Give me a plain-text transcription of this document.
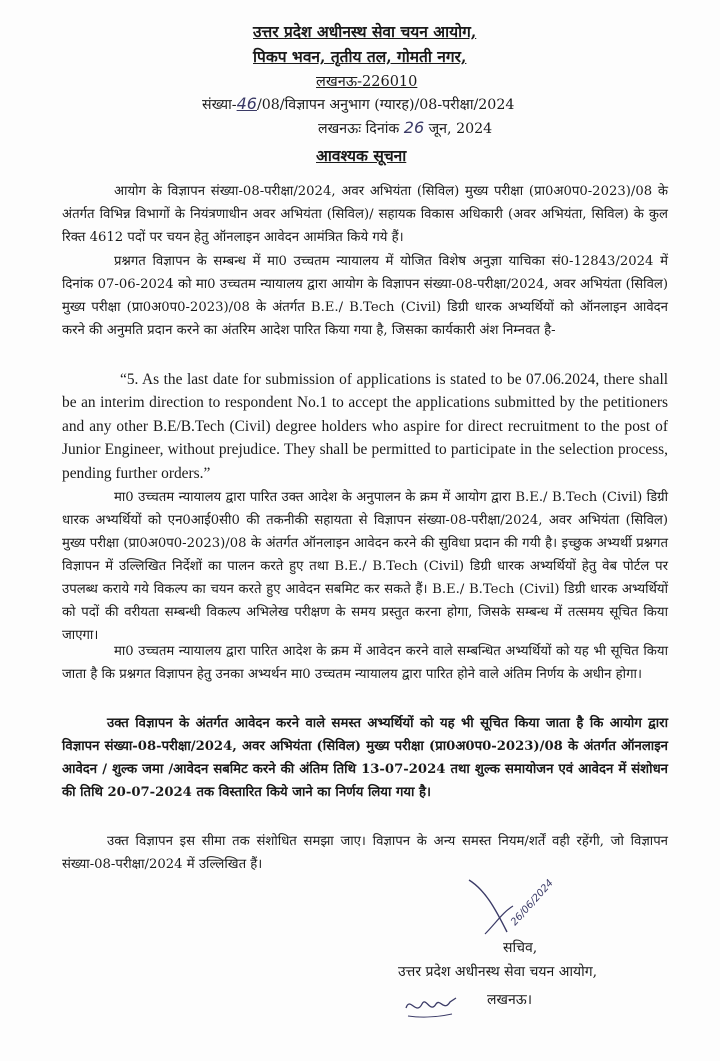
उत्तर प्रदेश अधीनस्थ सेवा चयन आयोग,
पिकप भवन, तृतीय तल, गोमती नगर,
लखनऊ-226010
संख्या-46/08/विज्ञापन अनुभाग (ग्यारह)/08-परीक्षा/2024
लखनऊः दिनांक 26 जून, 2024
आवश्यक सूचना

आयोग के विज्ञापन संख्या-08-परीक्षा/2024, अवर अभियंता (सिविल) मुख्य परीक्षा (प्रा0अ0प0-2023)/08 के अंतर्गत विभिन्न विभागों के नियंत्रणाधीन अवर अभियंता (सिविल)/ सहायक विकास अधिकारी (अवर अभियंता, सिविल) के कुल रिक्त 4612 पदों पर चयन हेतु ऑनलाइन आवेदन आमंत्रित किये गये हैं।

प्रश्नगत विज्ञापन के सम्बन्ध में मा0 उच्चतम न्यायालय में योजित विशेष अनुज्ञा याचिका सं0-12843/2024 में दिनांक 07-06-2024 को मा0 उच्चतम न्यायालय द्वारा आयोग के विज्ञापन संख्या-08-परीक्षा/2024, अवर अभियंता (सिविल) मुख्य परीक्षा (प्रा0अ0प0-2023)/08 के अंतर्गत B.E./ B.Tech (Civil) डिग्री धारक अभ्यर्थियों को ऑनलाइन आवेदन करने की अनुमति प्रदान करने का अंतरिम आदेश पारित किया गया है, जिसका कार्यकारी अंश निम्नवत है-

“5. As the last date for submission of applications is stated to be 07.06.2024, there shall be an interim direction to respondent No.1 to accept the applications submitted by the petitioners and any other B.E/B.Tech (Civil) degree holders who aspire for direct recruitment to the post of Junior Engineer, without prejudice. They shall be permitted to participate in the selection process, pending further orders.”

मा0 उच्चतम न्यायालय द्वारा पारित उक्त आदेश के अनुपालन के क्रम में आयोग द्वारा B.E./ B.Tech (Civil) डिग्री धारक अभ्यर्थियों को एन0आई0सी0 की तकनीकी सहायता से विज्ञापन संख्या-08-परीक्षा/2024, अवर अभियंता (सिविल) मुख्य परीक्षा (प्रा0अ0प0-2023)/08 के अंतर्गत ऑनलाइन आवेदन करने की सुविधा प्रदान की गयी है। इच्छुक अभ्यर्थी प्रश्नगत विज्ञापन में उल्लिखित निर्देशों का पालन करते हुए तथा B.E./ B.Tech (Civil) डिग्री धारक अभ्यर्थियों हेतु वेब पोर्टल पर उपलब्ध कराये गये विकल्प का चयन करते हुए आवेदन सबमिट कर सकते हैं। B.E./ B.Tech (Civil) डिग्री धारक अभ्यर्थियों को पदों की वरीयता सम्बन्धी विकल्प अभिलेख परीक्षण के समय प्रस्तुत करना होगा, जिसके सम्बन्ध में तत्समय सूचित किया जाएगा।

मा0 उच्चतम न्यायालय द्वारा पारित आदेश के क्रम में आवेदन करने वाले सम्बन्धित अभ्यर्थियों को यह भी सूचित किया जाता है कि प्रश्नगत विज्ञापन हेतु उनका अभ्यर्थन मा0 उच्चतम न्यायालय द्वारा पारित होने वाले अंतिम निर्णय के अधीन होगा।

उक्त विज्ञापन के अंतर्गत आवेदन करने वाले समस्त अभ्यर्थियों को यह भी सूचित किया जाता है कि आयोग द्वारा विज्ञापन संख्या-08-परीक्षा/2024, अवर अभियंता (सिविल) मुख्य परीक्षा (प्रा0अ0प0-2023)/08 के अंतर्गत ऑनलाइन आवेदन / शुल्क जमा /आवेदन सबमिट करने की अंतिम तिथि 13-07-2024 तथा शुल्क समायोजन एवं आवेदन में संशोधन की तिथि 20-07-2024 तक विस्तारित किये जाने का निर्णय लिया गया है।

उक्त विज्ञापन इस सीमा तक संशोधित समझा जाए। विज्ञापन के अन्य समस्त नियम/शर्तें वही रहेंगी, जो विज्ञापन संख्या-08-परीक्षा/2024 में उल्लिखित हैं।

26/06/2024
सचिव,
उत्तर प्रदेश अधीनस्थ सेवा चयन आयोग,
लखनऊ।
